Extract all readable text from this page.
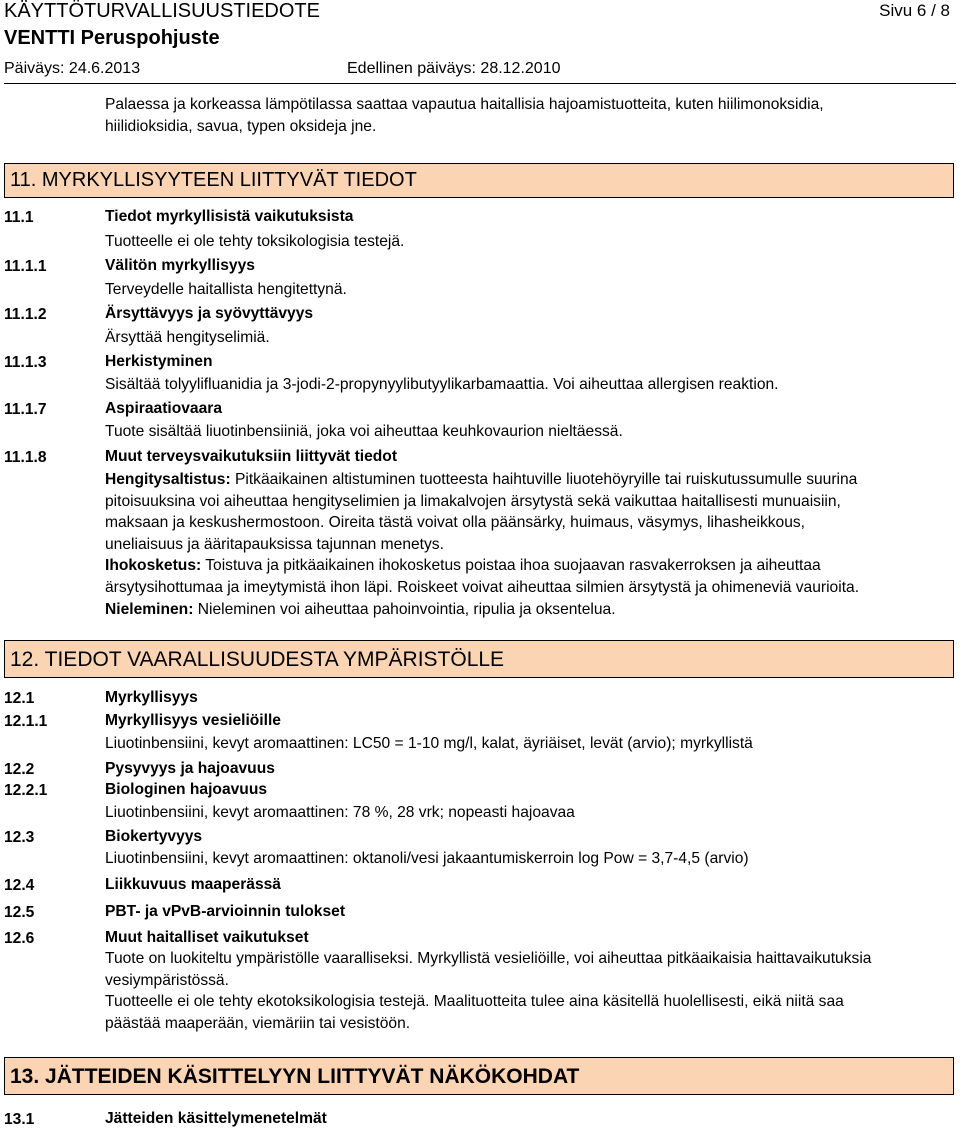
KÄYTTÖTURVALLISUUSTIEDOTE	Sivu 6 / 8
VENTTI Peruspohjuste
Päiväys: 24.6.2013	Edellinen päiväys: 28.12.2010
Palaessa ja korkeassa lämpötilassa saattaa vapautua haitallisia hajoamistuotteita, kuten hiilimonoksidia,
hiilidioksidia, savua, typen oksideja jne.
11. MYRKYLLISYYTEEN LIITTYVÄT TIEDOT
11.1	Tiedot myrkyllisistä vaikutuksista
Tuotteelle ei ole tehty toksikologisia testejä.
11.1.1	Välitön myrkyllisyys
Terveydelle haitallista hengitettynä.
11.1.2	Ärsyttävyys ja syövyttävyys
Ärsyttää hengityselimiä.
11.1.3	Herkistyminen
Sisältää tolyylifluanidia ja 3-jodi-2-propynyylibutyylikarbamaattia. Voi aiheuttaa allergisen reaktion.
11.1.7	Aspiraatiovaara
Tuote sisältää liuotinbensiiniä, joka voi aiheuttaa keuhkovaurion nieltäessä.
11.1.8	Muut terveysvaikutuksiin liittyvät tiedot
Hengitysaltistus: Pitkäaikainen altistuminen tuotteesta haihtuville liuotehöyryille tai ruiskutussumulle suurina
pitoisuuksina voi aiheuttaa hengityselimien ja limakalvojen ärsytystä sekä vaikuttaa haitallisesti munuaisiin,
maksaan ja keskushermostoon. Oireita tästä voivat olla päänsärky, huimaus, väsymys, lihasheikkous,
uneliaisuus ja ääritapauksissa tajunnan menetys.
Ihokosketus: Toistuva ja pitkäaikainen ihokosketus poistaa ihoa suojaavan rasvakerroksen ja aiheuttaa
ärsytysihottumaa ja imeytymistä ihon läpi. Roiskeet voivat aiheuttaa silmien ärsytystä ja ohimeneviä vaurioita.
Nieleminen: Nieleminen voi aiheuttaa pahoinvointia, ripulia ja oksentelua.
12. TIEDOT VAARALLISUUDESTA YMPÄRISTÖLLE
12.1	Myrkyllisyys
12.1.1	Myrkyllisyys vesieliöille
Liuotinbensiini, kevyt aromaattinen: LC50 = 1-10 mg/l, kalat, äyriäiset, levät (arvio); myrkyllistä
12.2	Pysyvyys ja hajoavuus
12.2.1	Biologinen hajoavuus
Liuotinbensiini, kevyt aromaattinen: 78 %, 28 vrk; nopeasti hajoavaa
12.3	Biokertyvyys
Liuotinbensiini, kevyt aromaattinen: oktanoli/vesi jakaantumiskerroin log Pow = 3,7-4,5 (arvio)
12.4	Liikkuvuus maaperässä
12.5	PBT- ja vPvB-arvioinnin tulokset
12.6	Muut haitalliset vaikutukset
Tuote on luokiteltu ympäristölle vaaralliseksi. Myrkyllistä vesieliöille, voi aiheuttaa pitkäaikaisia haittavaikutuksia
vesiympäristössä.
Tuotteelle ei ole tehty ekotoksikologisia testejä. Maalituotteita tulee aina käsitellä huolellisesti, eikä niitä saa
päästää maaperään, viemäriin tai vesistöön.
13. JÄTTEIDEN KÄSITTELYYN LIITTYVÄT NÄKÖKOHDAT
13.1	Jätteiden käsittelymenetelmät
